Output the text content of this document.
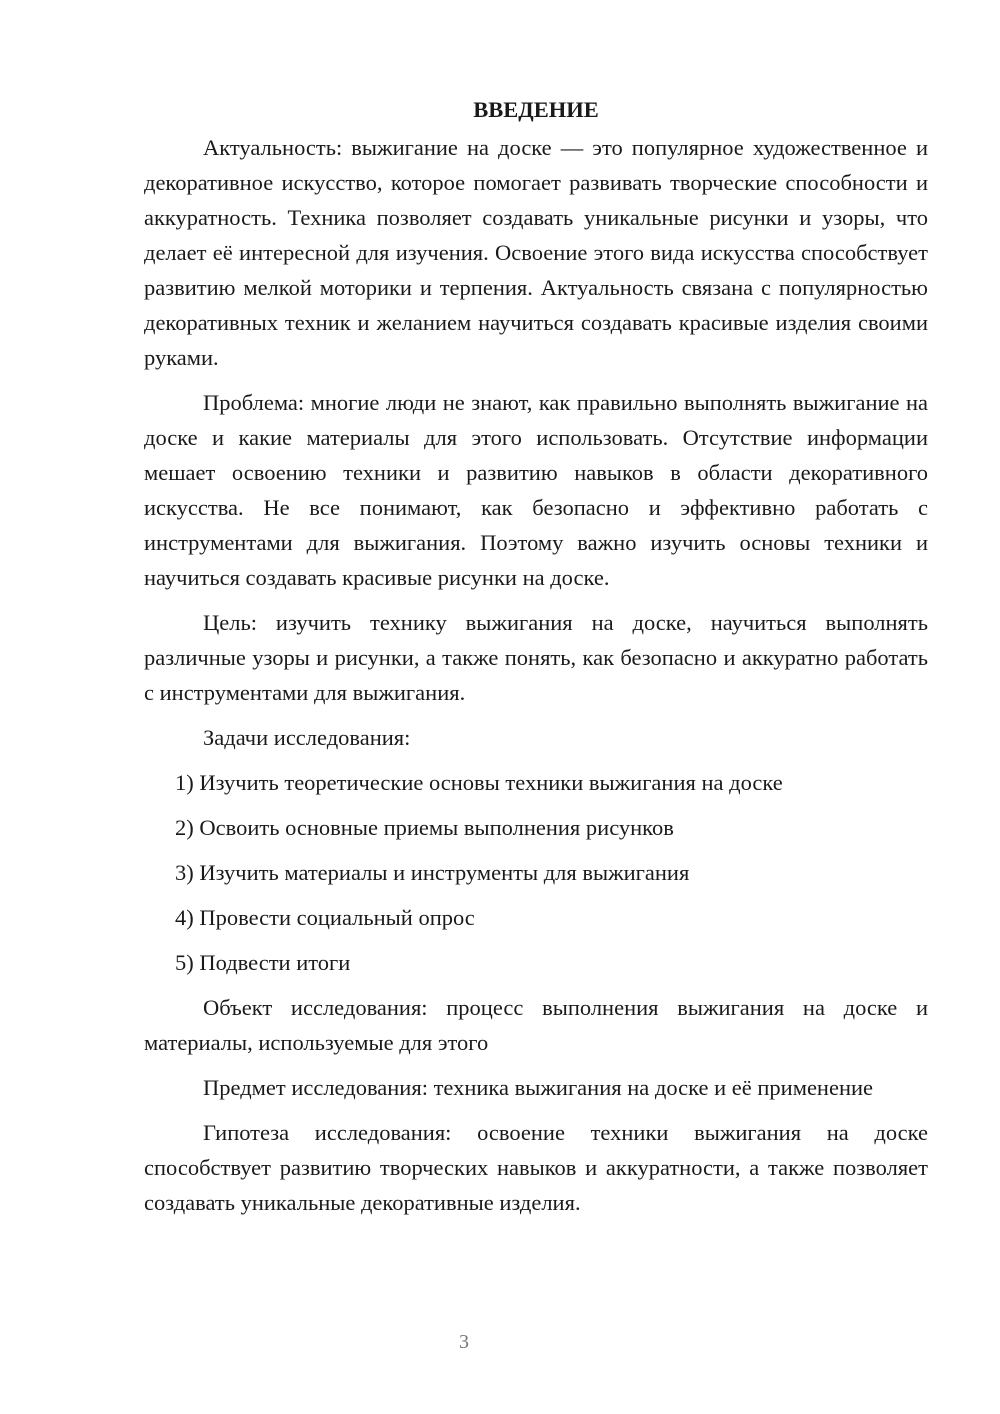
ВВЕДЕНИЕ

Актуальность: выжигание на доске — это популярное художественное и декоративное искусство, которое помогает развивать творческие способности и аккуратность. Техника позволяет создавать уникальные рисунки и узоры, что делает её интересной для изучения. Освоение этого вида искусства способствует развитию мелкой моторики и терпения. Актуальность связана с популярностью декоративных техник и желанием научиться создавать красивые изделия своими руками.

Проблема: многие люди не знают, как правильно выполнять выжигание на доске и какие материалы для этого использовать. Отсутствие информации мешает освоению техники и развитию навыков в области декоративного искусства. Не все понимают, как безопасно и эффективно работать с инструментами для выжигания. Поэтому важно изучить основы техники и научиться создавать красивые рисунки на доске.

Цель: изучить технику выжигания на доске, научиться выполнять различные узоры и рисунки, а также понять, как безопасно и аккуратно работать с инструментами для выжигания.

Задачи исследования:

1) Изучить теоретические основы техники выжигания на доске
2) Освоить основные приемы выполнения рисунков
3) Изучить материалы и инструменты для выжигания
4) Провести социальный опрос
5) Подвести итоги

Объект исследования: процесс выполнения выжигания на доске и материалы, используемые для этого

Предмет исследования: техника выжигания на доске и её применение

Гипотеза исследования: освоение техники выжигания на доске способствует развитию творческих навыков и аккуратности, а также позволяет создавать уникальные декоративные изделия.

3
